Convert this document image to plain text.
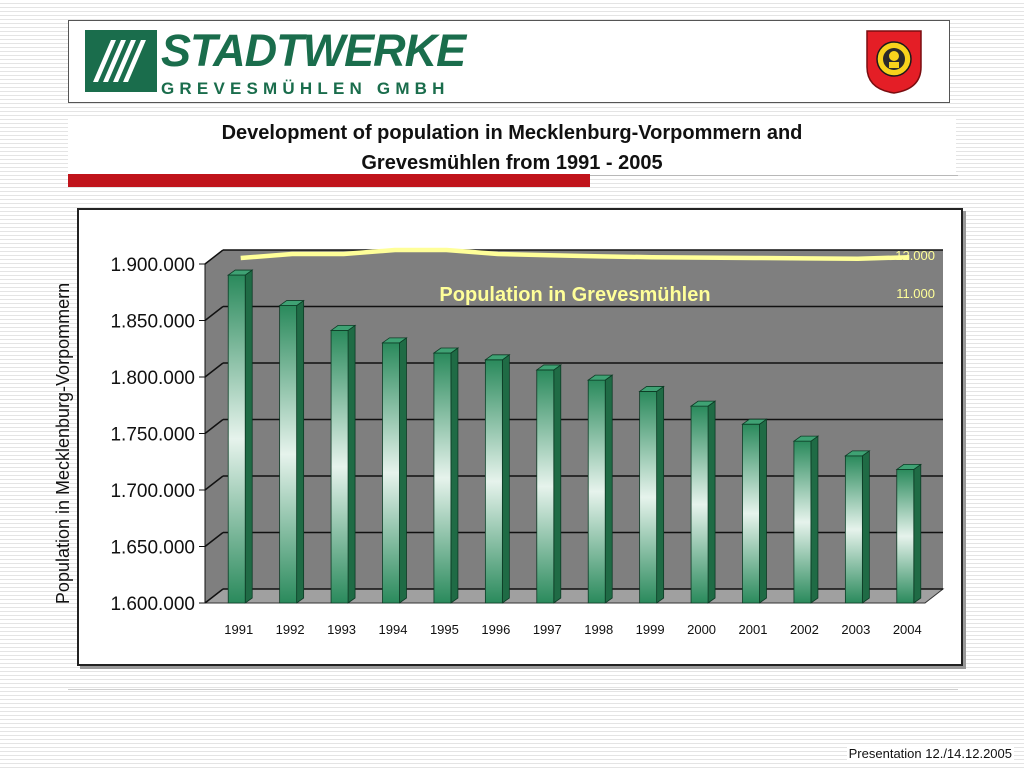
STADTWERKE
GREVESMÜHLEN GMBH
Development of population in Mecklenburg-Vorpommern and
Grevesmühlen from 1991 - 2005
1.600.000
1.650.000
1.700.000
1.750.000
1.800.000
1.850.000
1.900.000
Population in Mecklenburg-Vorpommern
1991 1992 1993 1994 1995 1996 1997 1998 1999 2000 2001 2002 2003 2004
12.000
11.000
Population in Grevesmühlen
Presentation 12./14.12.2005
